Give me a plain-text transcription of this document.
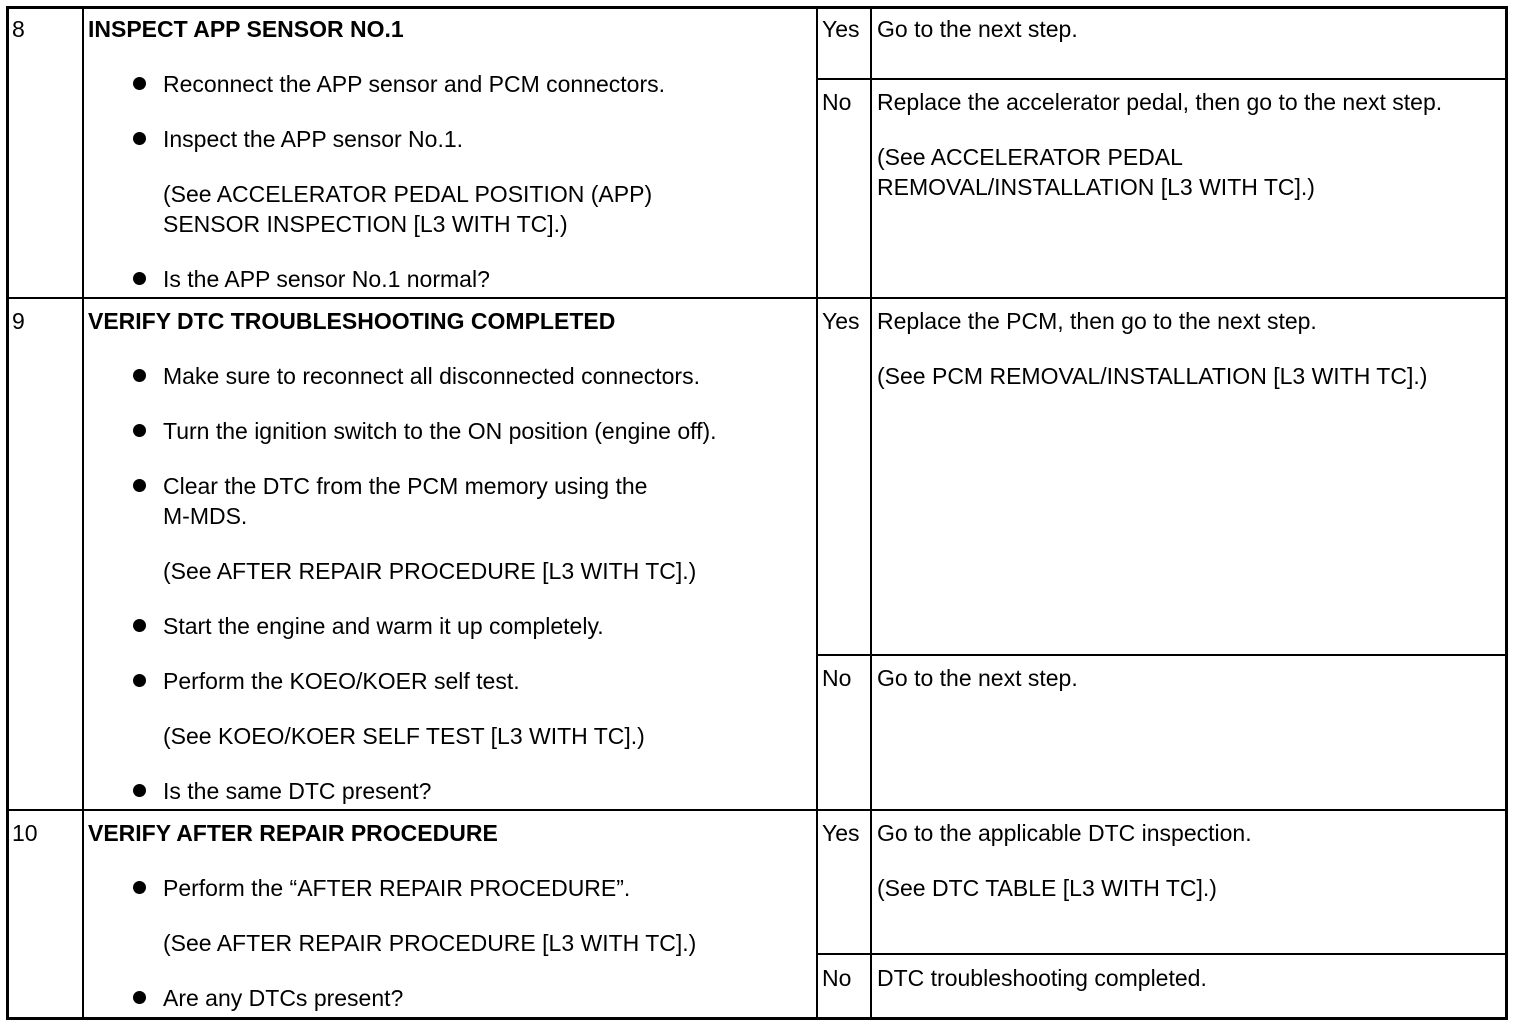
8	INSPECT APP SENSOR NO.1
Reconnect the APP sensor and PCM connectors.
Inspect the APP sensor No.1.
(See ACCELERATOR PEDAL POSITION (APP)
SENSOR INSPECTION [L3 WITH TC].)
Is the APP sensor No.1 normal?
Yes Go to the next step.
No Replace the accelerator pedal, then go to the next step.
(See ACCELERATOR PEDAL
REMOVAL/INSTALLATION [L3 WITH TC].)
9	VERIFY DTC TROUBLESHOOTING COMPLETED
Make sure to reconnect all disconnected connectors.
Turn the ignition switch to the ON position (engine off).
Clear the DTC from the PCM memory using the
M-MDS.
(See AFTER REPAIR PROCEDURE [L3 WITH TC].)
Start the engine and warm it up completely.
Perform the KOEO/KOER self test.
(See KOEO/KOER SELF TEST [L3 WITH TC].)
Is the same DTC present?
Yes Replace the PCM, then go to the next step.
(See PCM REMOVAL/INSTALLATION [L3 WITH TC].)
No Go to the next step.
10 VERIFY AFTER REPAIR PROCEDURE
Perform the “AFTER REPAIR PROCEDURE”.
(See AFTER REPAIR PROCEDURE [L3 WITH TC].)
Are any DTCs present?
Yes Go to the applicable DTC inspection.
(See DTC TABLE [L3 WITH TC].)
No DTC troubleshooting completed.
